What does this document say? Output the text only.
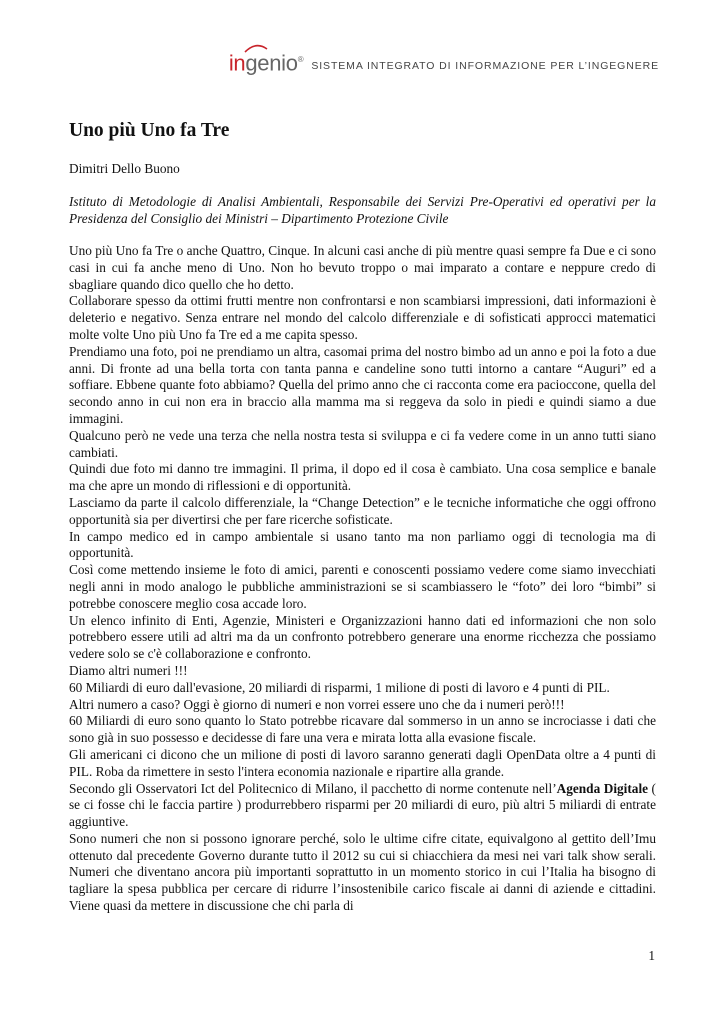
ingenio®
SISTEMA INTEGRATO DI INFORMAZIONE PER L’INGEGNERE
Uno più Uno fa Tre
Dimitri Dello Buono
Istituto di Metodologie di Analisi Ambientali, Responsabile dei Servizi Pre-Operativi ed operativi per la Presidenza del Consiglio dei Ministri – Dipartimento Protezione Civile

Uno più Uno fa Tre o anche Quattro, Cinque. In alcuni casi anche di più mentre quasi sempre fa Due e ci sono casi in cui fa anche meno di Uno. Non ho bevuto troppo o mai imparato a contare e neppure credo di sbagliare quando dico quello che ho detto.

Collaborare spesso da ottimi frutti mentre non confrontarsi e non scambiarsi impressioni, dati informazioni è deleterio e negativo. Senza entrare nel mondo del calcolo differenziale e di sofisticati approcci matematici molte volte Uno più Uno fa Tre ed a me capita spesso.

Prendiamo una foto, poi ne prendiamo un altra, casomai prima del nostro bimbo ad un anno e poi la foto a due anni. Di fronte ad una bella torta con tanta panna e candeline sono tutti intorno a cantare “Auguri” ed a soffiare. Ebbene quante foto abbiamo? Quella del primo anno che ci racconta come era pacioccone, quella del secondo anno in cui non era in braccio alla mamma ma si reggeva da solo in piedi e quindi siamo a due immagini.

Qualcuno però ne vede una terza che nella nostra testa si sviluppa e ci fa vedere come in un anno tutti siano cambiati.

Quindi due foto mi danno tre immagini. Il prima, il dopo ed il cosa è cambiato. Una cosa semplice e banale ma che apre un mondo di riflessioni e di opportunità.

Lasciamo da parte il calcolo differenziale, la “Change Detection” e le tecniche informatiche che oggi offrono opportunità sia per divertirsi che per fare ricerche sofisticate.

In campo medico ed in campo ambientale si usano tanto ma non parliamo oggi di tecnologia ma di opportunità.

Così come mettendo insieme le foto di amici, parenti e conoscenti possiamo vedere come siamo invecchiati negli anni in modo analogo le pubbliche amministrazioni se si scambiassero le “foto” dei loro “bimbi” si potrebbe conoscere meglio cosa accade loro.

Un elenco infinito di Enti, Agenzie, Ministeri e Organizzazioni hanno dati ed informazioni che non solo potrebbero essere utili ad altri ma da un confronto potrebbero generare una enorme ricchezza che possiamo vedere solo se c'è collaborazione e confronto.

Diamo altri numeri !!!

60 Miliardi di euro dall'evasione, 20 miliardi di risparmi, 1 milione di posti di lavoro e 4 punti di PIL.

Altri numero a caso? Oggi è giorno di numeri e non vorrei essere uno che da i numeri però!!!

60 Miliardi di euro sono quanto lo Stato potrebbe ricavare dal sommerso in un anno se incrociasse i dati che sono già in suo possesso e decidesse di fare una vera e mirata lotta alla evasione fiscale.

Gli americani ci dicono che un milione di posti di lavoro saranno generati dagli OpenData oltre a 4 punti di PIL. Roba da rimettere in sesto l'intera economia nazionale e ripartire alla grande.

Secondo gli Osservatori Ict del Politecnico di Milano, il pacchetto di norme contenute nell’Agenda Digitale ( se ci fosse chi le faccia partire ) produrrebbero risparmi per 20 miliardi di euro, più altri 5 miliardi di entrate aggiuntive.

Sono numeri che non si possono ignorare perché, solo le ultime cifre citate, equivalgono al gettito dell’Imu ottenuto dal precedente Governo durante tutto il 2012 su cui si chiacchiera da mesi nei vari talk show serali. Numeri che diventano ancora più importanti soprattutto in un momento storico in cui l’Italia ha bisogno di tagliare la spesa pubblica per cercare di ridurre l’insostenibile carico fiscale ai danni di aziende e cittadini. Viene quasi da mettere in discussione che chi parla di

1
